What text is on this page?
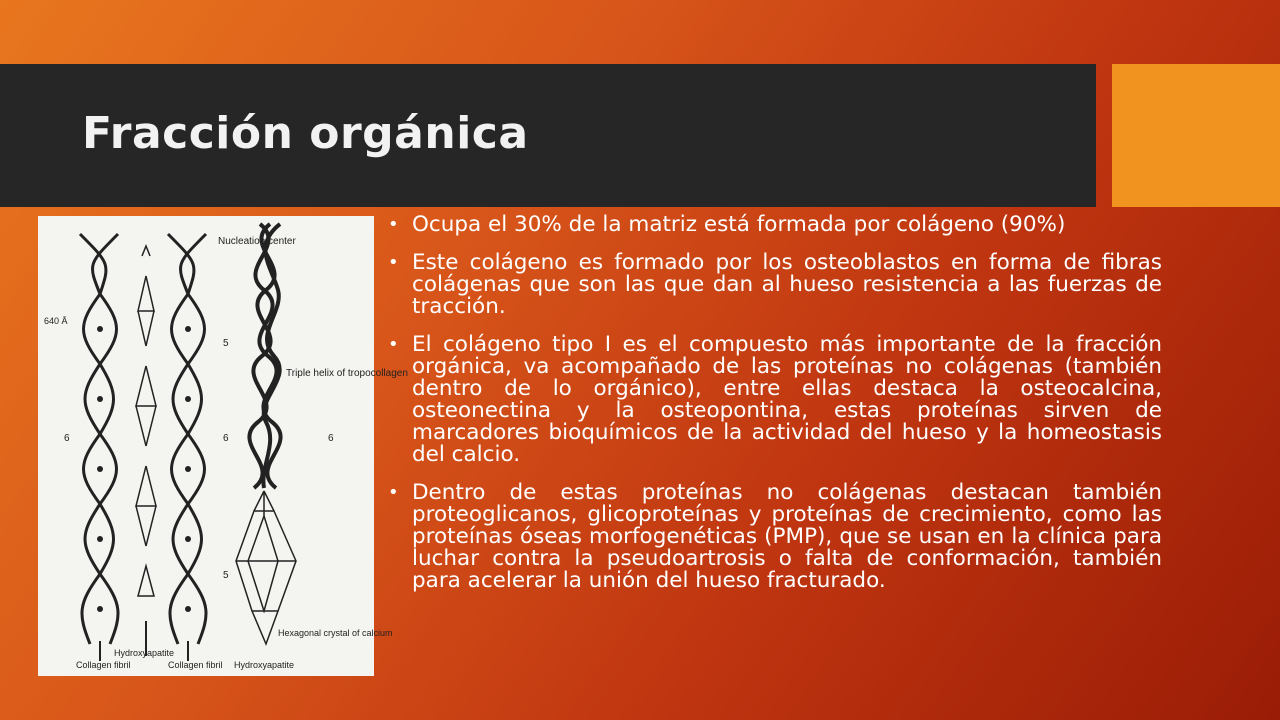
Fracción orgánica
Nucleation center
640 Å
Triple helix of tropocollagen
5
6	6	6
5
Collagen fibril
Hydroxyapatite
Collagen fibril
Hexagonal crystal of calcium
Hydroxyapatite
• Ocupa el 30% de la matriz está formada por colágeno (90%)
• Este colágeno es formado por los osteoblastos en forma de fibras colágenas que son las que dan al hueso resistencia a las fuerzas de tracción.
• El colágeno tipo I es el compuesto más importante de la fracción orgánica, va acompañado de las proteínas no colágenas (también dentro de lo orgánico), entre ellas destaca la osteocalcina, osteonectina y la osteopontina, estas proteínas sirven de marcadores bioquímicos de la actividad del hueso y la homeostasis del calcio.
• Dentro de estas proteínas no colágenas destacan también proteoglicanos, glicoproteínas y proteínas de crecimiento, como las proteínas óseas morfogenéticas (PMP), que se usan en la clínica para luchar contra la pseudoartrosis o falta de conformación, también para acelerar la unión del hueso fracturado.
